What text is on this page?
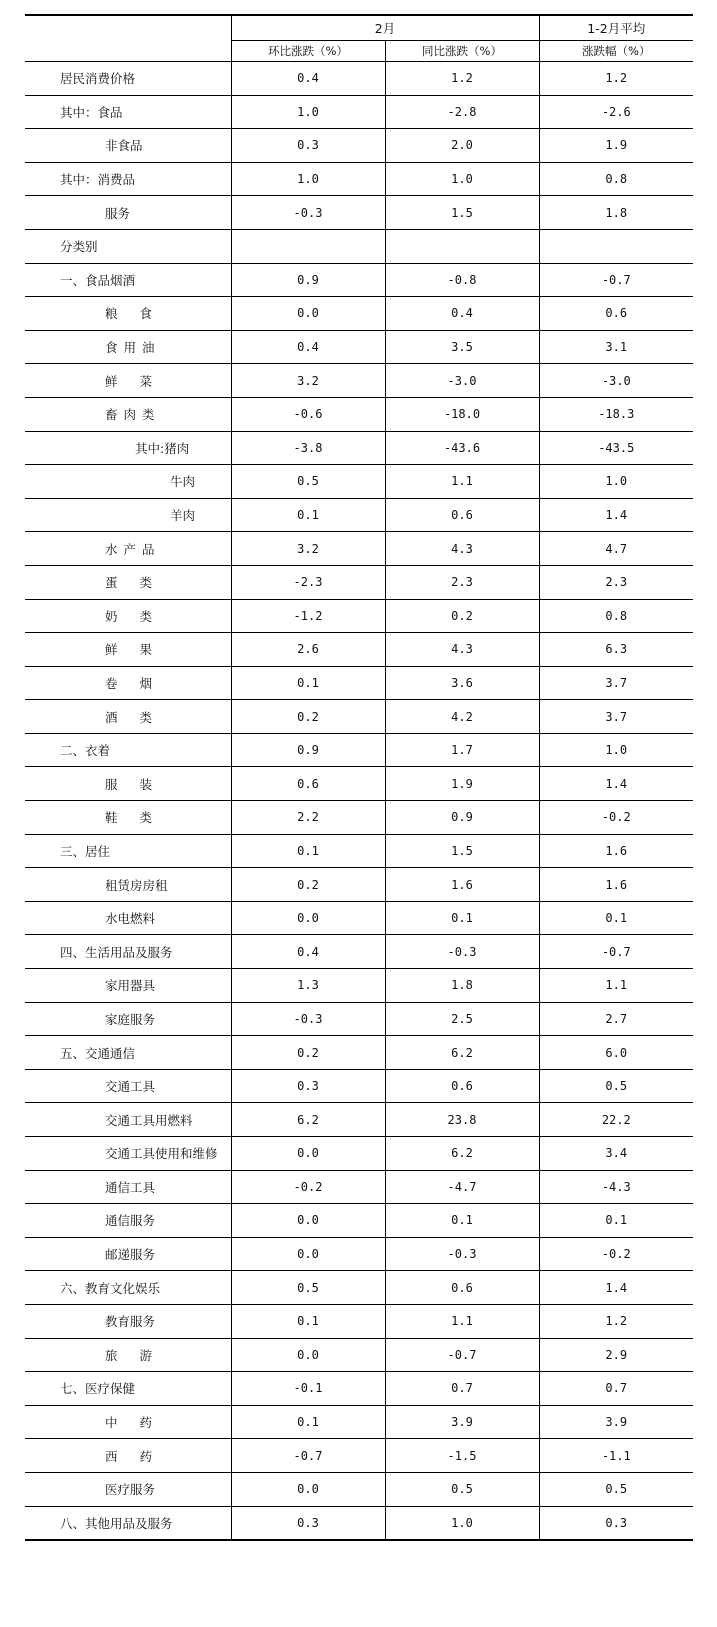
	2月		1-2月平均
	环比涨跌（%）	同比涨跌（%）	涨跌幅（%）
居民消费价格	0.4	1.2	1.2
其中：食品	1.0	-2.8	-2.6
非食品	0.3	2.0	1.9
其中：消费品	1.0	1.0	0.8
服务	-0.3	1.5	1.8
分类别			
一、食品烟酒	0.9	-0.8	-0.7
粮食	0.0	0.4	0.6
食用油	0.4	3.5	3.1
鲜菜	3.2	-3.0	-3.0
畜肉类	-0.6	-18.0	-18.3
其中:猪肉	-3.8	-43.6	-43.5
牛肉	0.5	1.1	1.0
羊肉	0.1	0.6	1.4
水产品	3.2	4.3	4.7
蛋类	-2.3	2.3	2.3
奶类	-1.2	0.2	0.8
鲜果	2.6	4.3	6.3
卷烟	0.1	3.6	3.7
酒类	0.2	4.2	3.7
二、衣着	0.9	1.7	1.0
服装	0.6	1.9	1.4
鞋类	2.2	0.9	-0.2
三、居住	0.1	1.5	1.6
租赁房房租	0.2	1.6	1.6
水电燃料	0.0	0.1	0.1
四、生活用品及服务	0.4	-0.3	-0.7
家用器具	1.3	1.8	1.1
家庭服务	-0.3	2.5	2.7
五、交通通信	0.2	6.2	6.0
交通工具	0.3	0.6	0.5
交通工具用燃料	6.2	23.8	22.2
交通工具使用和维修	0.0	6.2	3.4
通信工具	-0.2	-4.7	-4.3
通信服务	0.0	0.1	0.1
邮递服务	0.0	-0.3	-0.2
六、教育文化娱乐	0.5	0.6	1.4
教育服务	0.1	1.1	1.2
旅游	0.0	-0.7	2.9
七、医疗保健	-0.1	0.7	0.7
中药	0.1	3.9	3.9
西药	-0.7	-1.5	-1.1
医疗服务	0.0	0.5	0.5
八、其他用品及服务	0.3	1.0	0.3
